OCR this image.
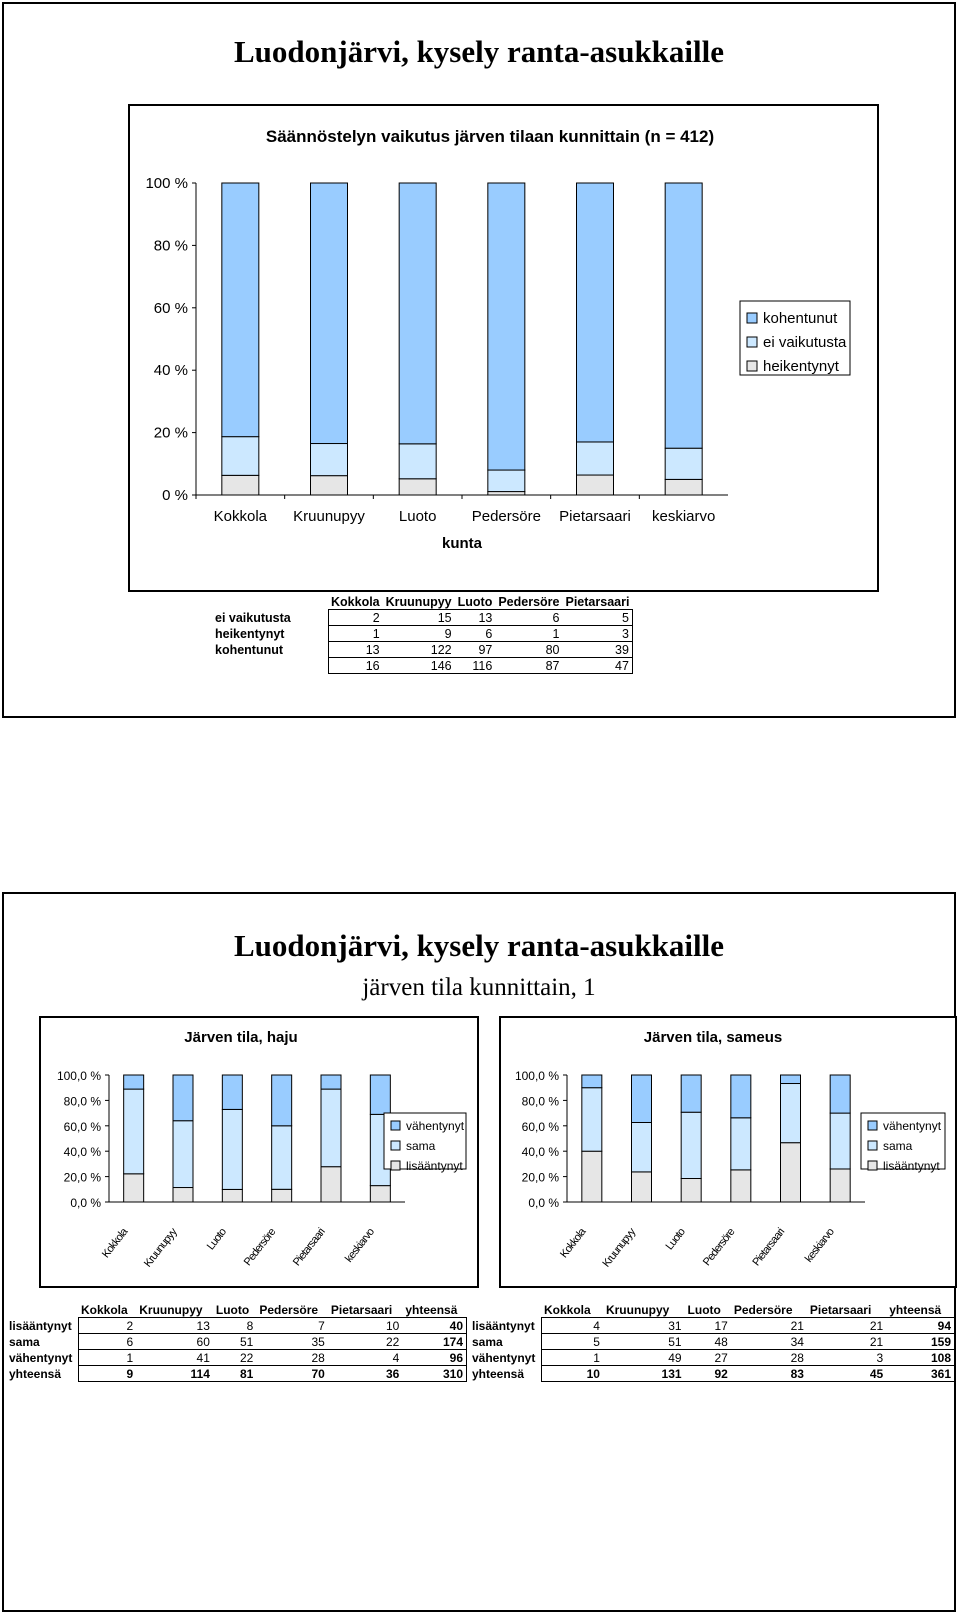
Luodonjärvi, kysely ranta-asukkaille
Säännöstelyn vaikutus järven tilaan kunnittain (n = 412)
kunta
0 %
20 %
40 %
60 %
80 %
100 %
Kokkola Kruunupyy Luoto Pedersöre Pietarsaari keskiarvo
kohentunut
ei vaikutusta
heikentynyt
	Kokkola	Kruunupyy	Luoto	Pedersöre	Pietarsaari
ei vaikutusta	2	15	13	6	5
heikentynyt	1	9	6	1	3
kohentunut	13	122	97	80	39
	16	146	116	87	47
Luodonjärvi, kysely ranta-asukkaille
järven tila kunnittain, 1
Järven tila, haju
0,0 %
20,0 %
40,0 %
60,0 %
80,0 %
100,0 %
Kokkola Kruunupyy Luoto Pedersöre Pietarsaari keskiarvo
vähentynyt
sama
lisääntynyt
Järven tila, sameus
0,0 %
20,0 %
40,0 %
60,0 %
80,0 %
100,0 %
Kokkola Kruunupyy Luoto Pedersöre Pietarsaari keskiarvo
vähentynyt
sama
lisääntynyt
	Kokkola	Kruunupyy	Luoto	Pedersöre	Pietarsaari	yhteensä
lisääntynyt	2	13	8	7	10	40
sama	6	60	51	35	22	174
vähentynyt	1	41	22	28	4	96
yhteensä	9	114	81	70	36	310
	Kokkola	Kruunupyy	Luoto	Pedersöre	Pietarsaari	yhteensä
lisääntynyt	4	31	17	21	21	94
sama	5	51	48	34	21	159
vähentynyt	1	49	27	28	3	108
yhteensä	10	131	92	83	45	361
